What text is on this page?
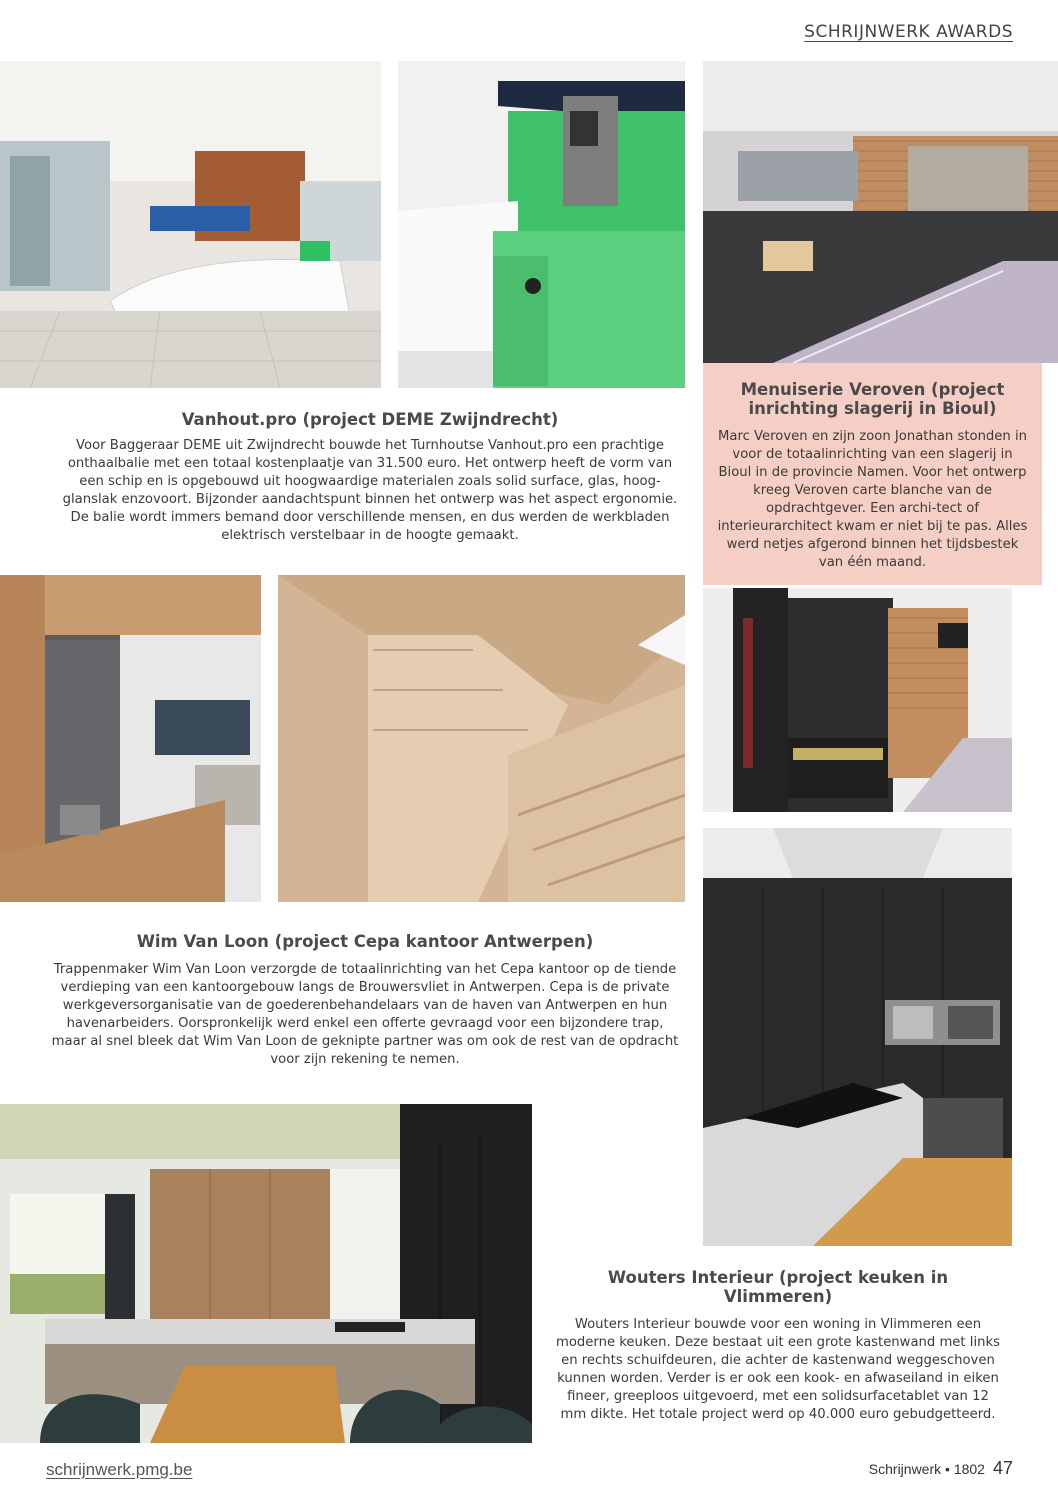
SCHRIJNWERK AWARDS
Vanhout.pro (project DEME Zwijndrecht)

Voor Baggeraar DEME uit Zwijndrecht bouwde het Turnhoutse Vanhout.pro een prachtige onthaalbalie met een totaal kostenplaatje van 31.500 euro. Het ontwerp heeft de vorm van een schip en is opgebouwd uit hoogwaardige materialen zoals solid surface, glas, hoog-glanslak enzovoort. Bijzonder aandachtspunt binnen het ontwerp was het aspect ergonomie. De balie wordt immers bemand door verschillende mensen, en dus werden de werkbladen elektrisch verstelbaar in de hoogte gemaakt.

Menuiserie Veroven (project inrichting slagerij in Bioul)

Marc Veroven en zijn zoon Jonathan stonden in voor de totaalinrichting van een slagerij in Bioul in de provincie Namen. Voor het ontwerp kreeg Veroven carte blanche van de opdrachtgever. Een archi-tect of interieurarchitect kwam er niet bij te pas. Alles werd netjes afgerond binnen het tijdsbestek van één maand.

Wim Van Loon (project Cepa kantoor Antwerpen)

Trappenmaker Wim Van Loon verzorgde de totaalinrichting van het Cepa kantoor op de tiende verdieping van een kantoorgebouw langs de Brouwersvliet in Antwerpen. Cepa is de private werkgeversorganisatie van de goederenbehandelaars van de haven van Antwerpen en hun havenarbeiders. Oorspronkelijk werd enkel een offerte gevraagd voor een bijzondere trap, maar al snel bleek dat Wim Van Loon de geknipte partner was om ook de rest van de opdracht voor zijn rekening te nemen.

Wouters Interieur (project keuken in Vlimmeren)

Wouters Interieur bouwde voor een woning in Vlimmeren een moderne keuken. Deze bestaat uit een grote kastenwand met links en rechts schuifdeuren, die achter de kastenwand weggeschoven kunnen worden. Verder is er ook een kook- en afwaseiland in eiken fineer, greeploos uitgevoerd, met een solidsurfacetablet van 12 mm dikte. Het totale project werd op 40.000 euro gebudgetteerd.

schrijnwerk.pmg.be	Schrijnwerk • 1802 47
